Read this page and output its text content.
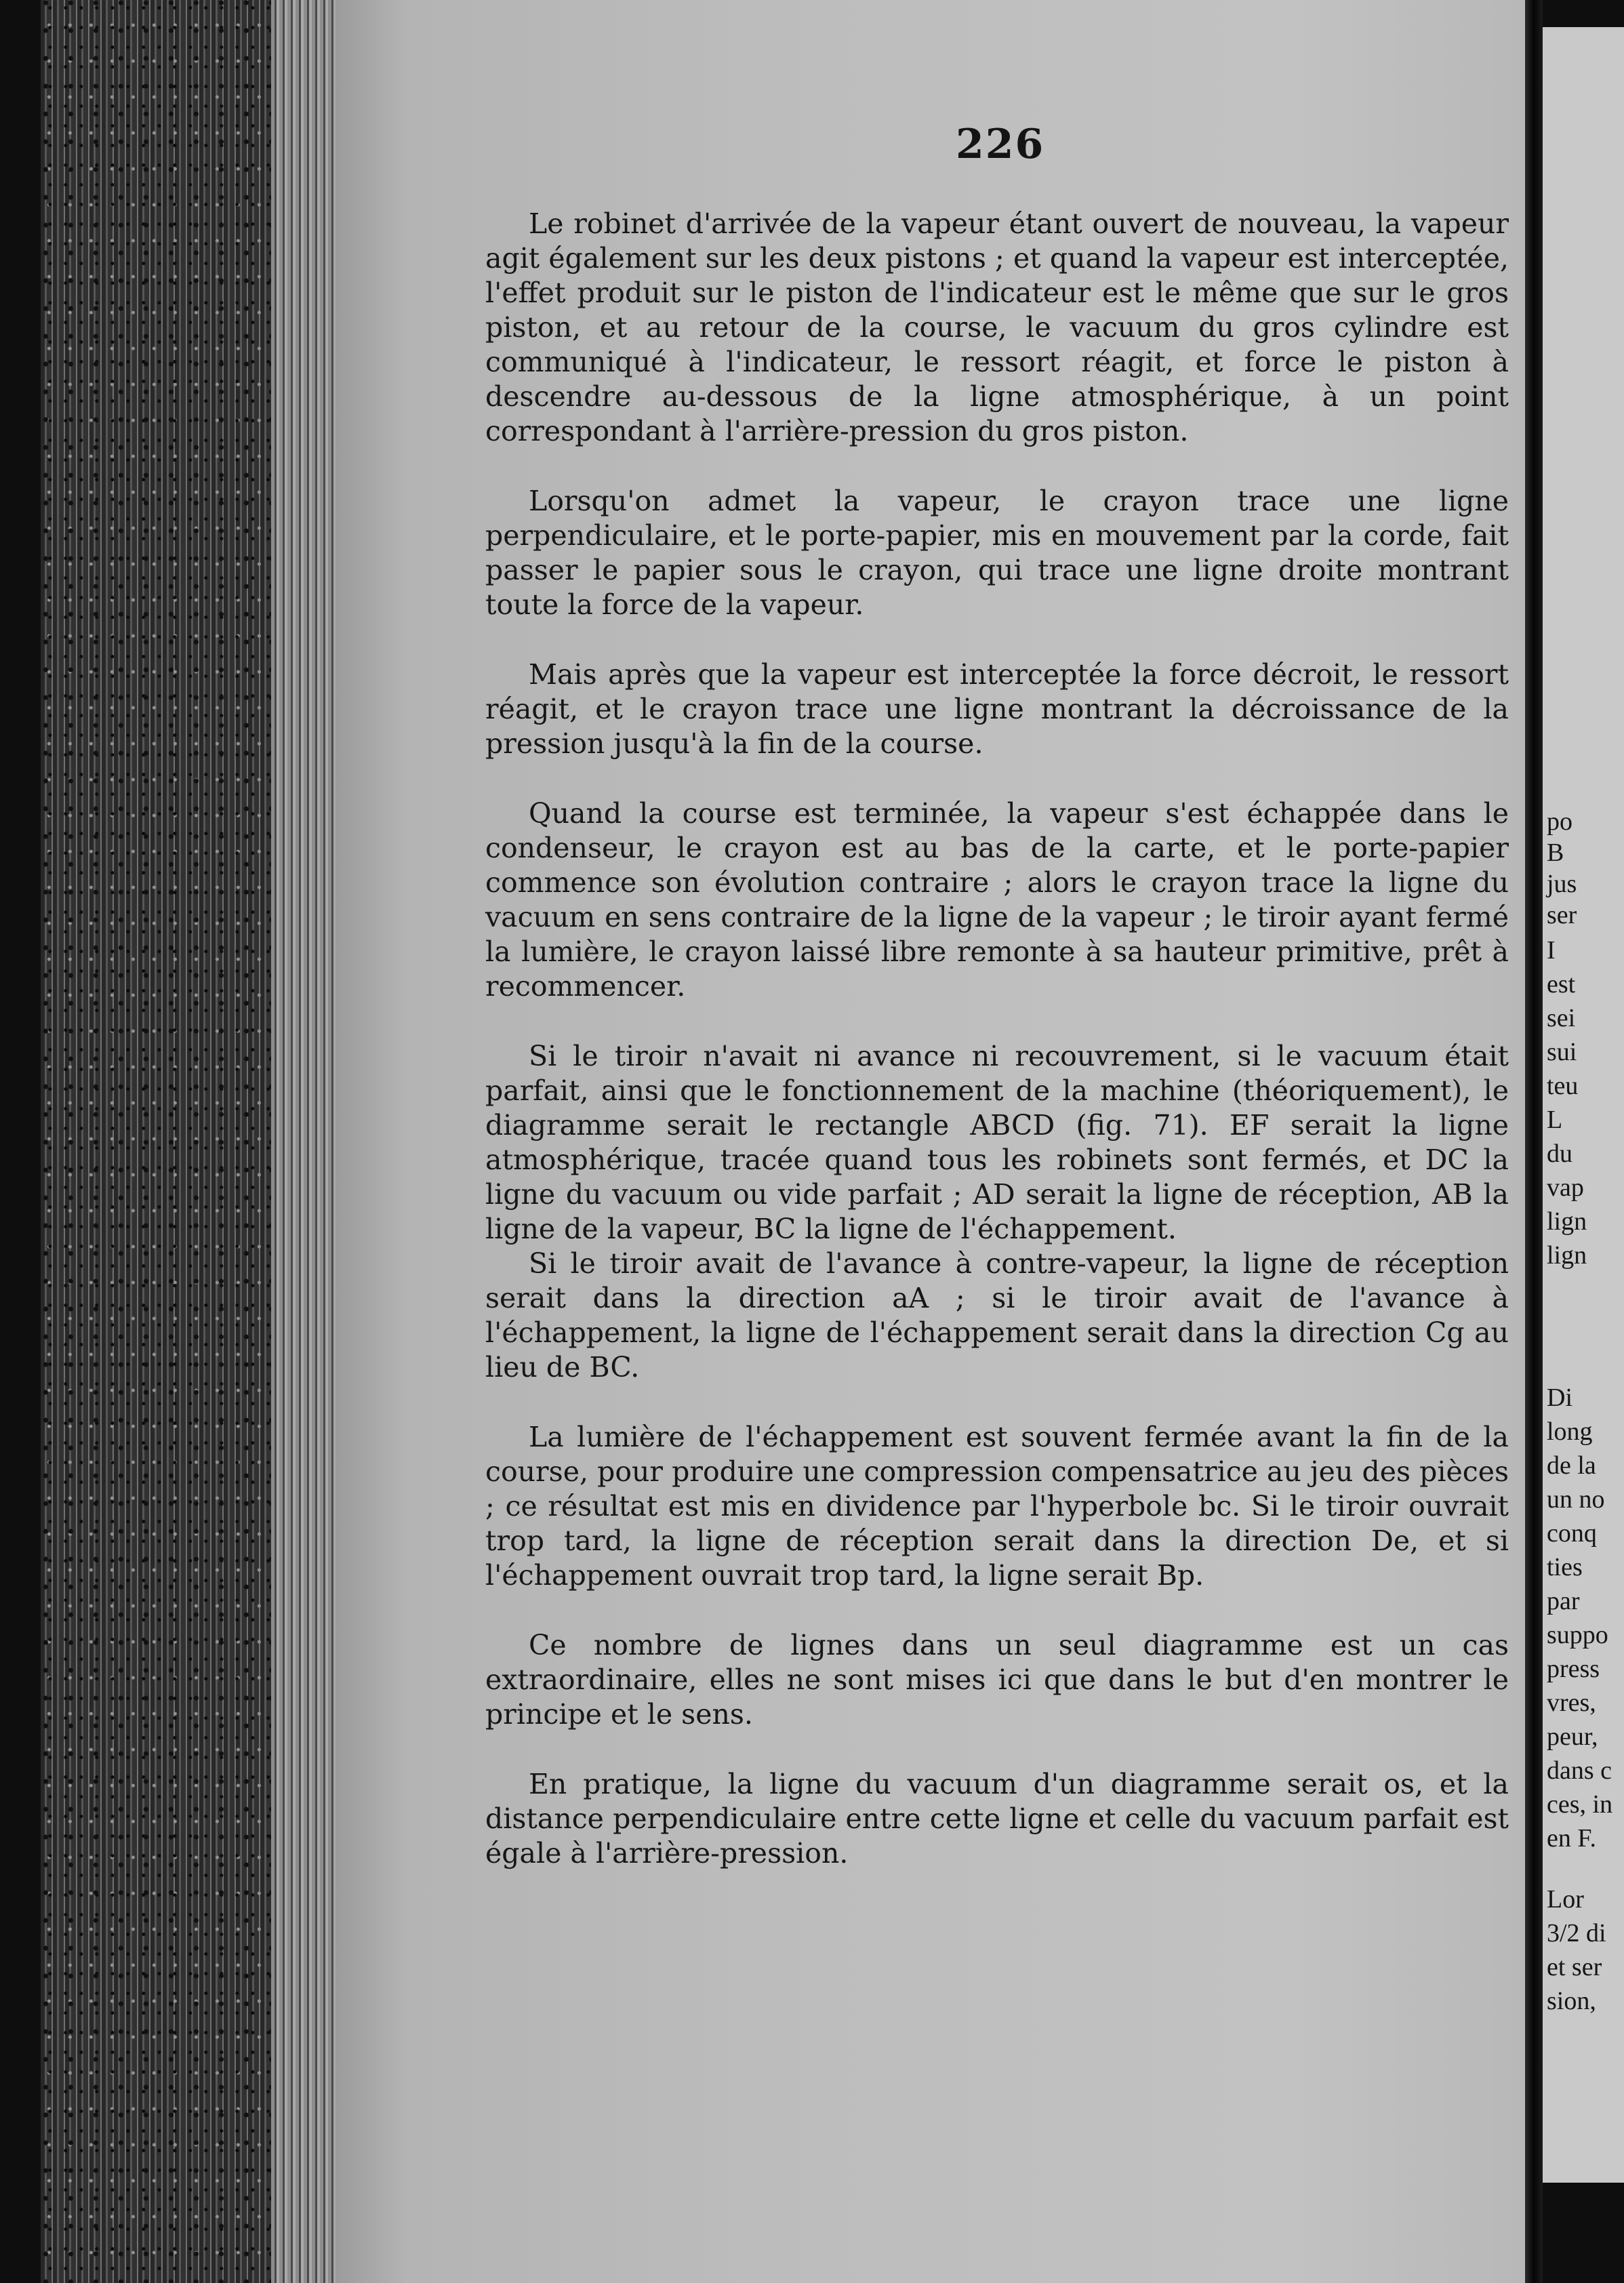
226

Le robinet d'arrivée de la vapeur étant ouvert de nouveau, la vapeur agit également sur les deux pistons ; et quand la vapeur est interceptée, l'effet produit sur le piston de l'indicateur est le même que sur le gros piston, et au retour de la course, le vacuum du gros cylindre est communiqué à l'indicateur, le ressort réagit, et force le piston à descendre au-dessous de la ligne atmosphérique, à un point correspondant à l'arrière-pression du gros piston.

Lorsqu'on admet la vapeur, le crayon trace une ligne perpendiculaire, et le porte-papier, mis en mouvement par la corde, fait passer le papier sous le crayon, qui trace une ligne droite montrant toute la force de la vapeur.

Mais après que la vapeur est interceptée la force décroit, le ressort réagit, et le crayon trace une ligne montrant la décroissance de la pression jusqu'à la fin de la course.

Quand la course est terminée, la vapeur s'est échappée dans le condenseur, le crayon est au bas de la carte, et le porte-papier commence son évolution contraire ; alors le crayon trace la ligne du vacuum en sens contraire de la ligne de la vapeur ; le tiroir ayant fermé la lumière, le crayon laissé libre remonte à sa hauteur primitive, prêt à recommencer.

Si le tiroir n'avait ni avance ni recouvrement, si le vacuum était parfait, ainsi que le fonctionnement de la machine (théoriquement), le diagramme serait le rectangle ABCD (fig. 71). EF serait la ligne atmosphérique, tracée quand tous les robinets sont fermés, et DC la ligne du vacuum ou vide parfait ; AD serait la ligne de réception, AB la ligne de la vapeur, BC la ligne de l'échappement.

Si le tiroir avait de l'avance à contre-vapeur, la ligne de réception serait dans la direction aA ; si le tiroir avait de l'avance à l'échappement, la ligne de l'échappement serait dans la direction Cg au lieu de BC.

La lumière de l'échappement est souvent fermée avant la fin de la course, pour produire une compression compensatrice au jeu des pièces ; ce résultat est mis en dividence par l'hyperbole bc. Si le tiroir ouvrait trop tard, la ligne de réception serait dans la direction De, et si l'échappement ouvrait trop tard, la ligne serait Bp.

Ce nombre de lignes dans un seul diagramme est un cas extraordinaire, elles ne sont mises ici que dans le but d'en montrer le principe et le sens.

En pratique, la ligne du vacuum d'un diagramme serait os, et la distance perpendiculaire entre cette ligne et celle du vacuum parfait est égale à l'arrière-pression.

po
B
jus
ser
I
est
sei
sui
teu
L
du
vap
lign
lign
Di
long
de la
un no
conq
ties
par
suppo
press
vres,
peur,
dans c
ces, in
en F.
Lor
3/2 di
et ser
sion,
